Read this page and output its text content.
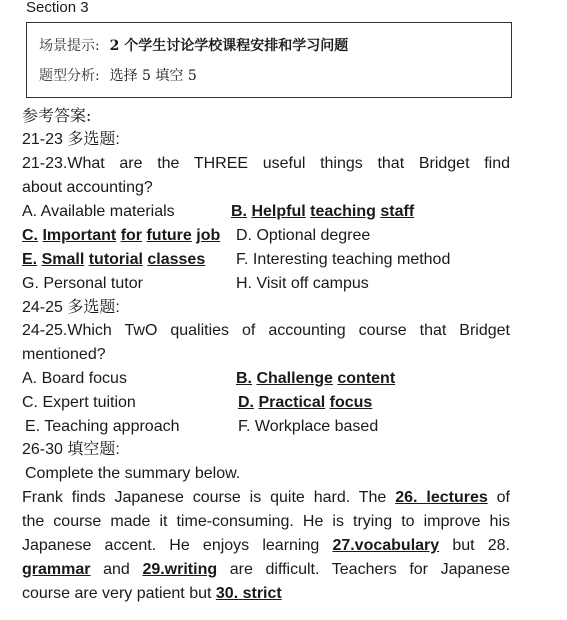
Section 3
场景提示: 2 个学生讨论学校课程安排和学习问题
题型分析: 选择 5 填空 5
参考答案:
21-23 多选题:
21-23.What are the THREE useful things that Bridget find
about accounting?
A. Available materials	B. Helpful teaching staff
C. Important for future job D. Optional degree
E. Small tutorial classes F. Interesting teaching method
G. Personal tutor	H. Visit off campus
24-25 多选题:
24-25.Which TwO qualities of accounting course that Bridget
mentioned?
A. Board focus	B. Challenge content
C. Expert tuition	D. Practical focus
E. Teaching approach	F. Workplace based
26-30 填空题:
Complete the summary below.
Frank finds Japanese course is quite hard. The 26. lectures of
the course made it time-consuming. He is trying to improve his
Japanese accent. He enjoys learning 27.vocabulary but 28.
grammar and 29.writing are difficult. Teachers for Japanese
course are very patient but 30. strict
